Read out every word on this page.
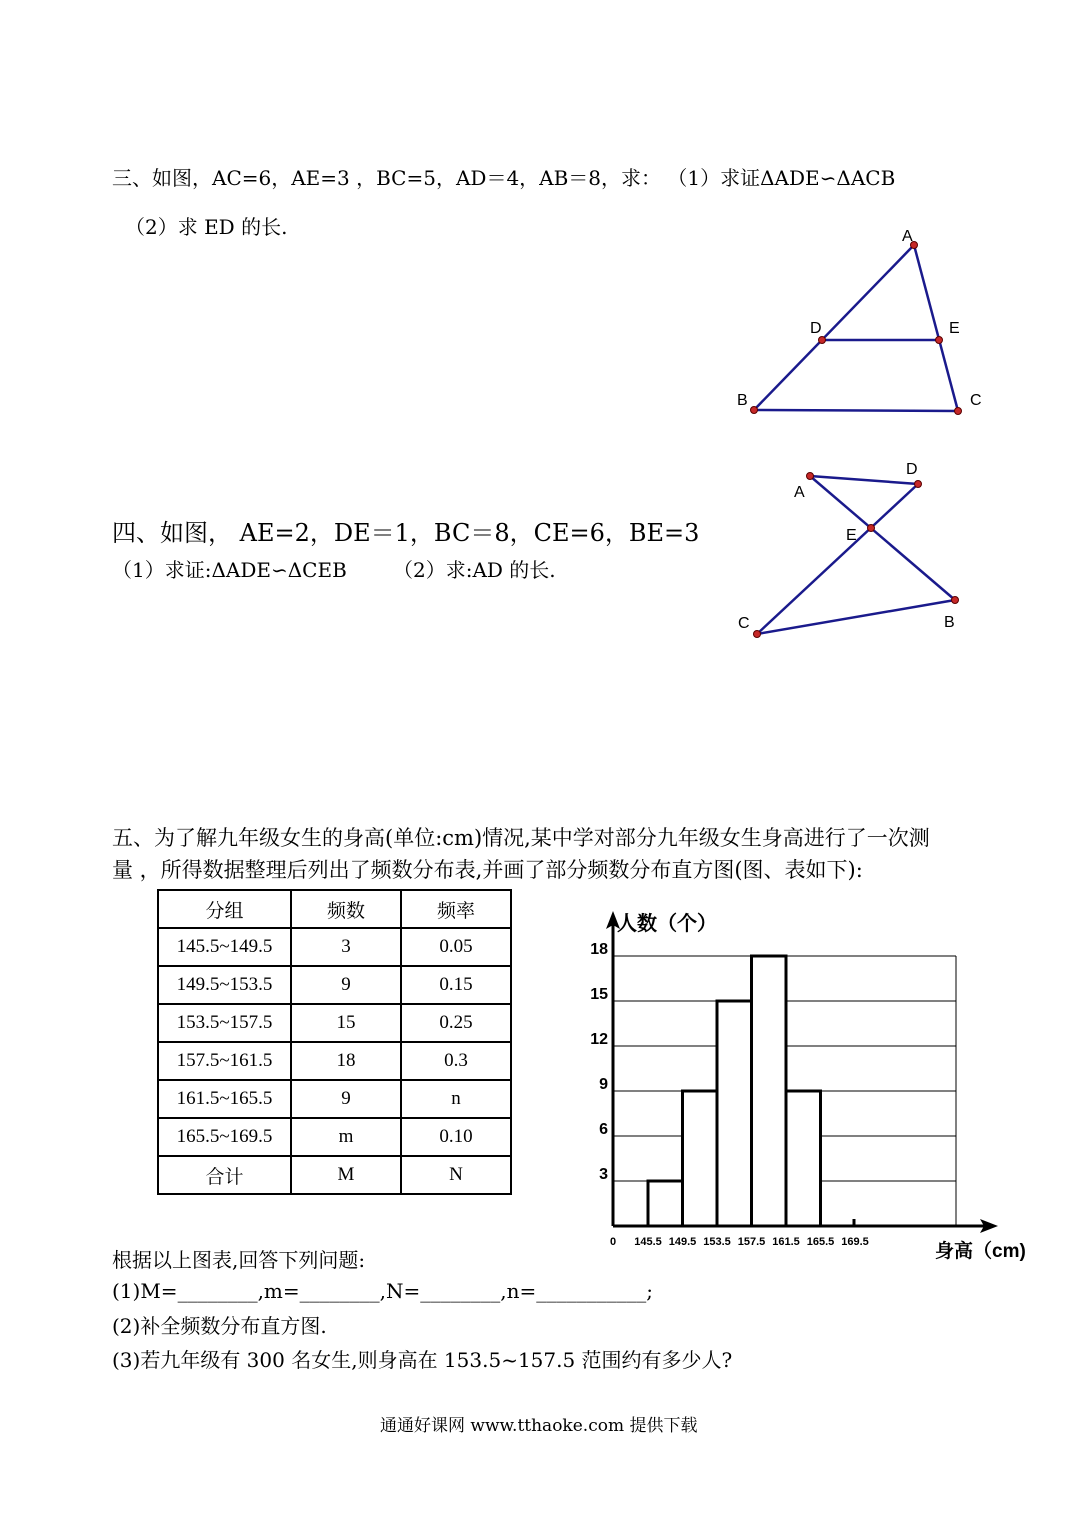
三、如图，AC=6，AE=3 ，BC=5，AD＝4，AB＝8，求： （1）求证ΔADE∽ΔACB
（2）求 ED 的长.	A
D	E
B	C
A
D
E
C	B
四、如图， AE=2，DE＝1，BC＝8，CE=6，BE=3
（1）求证:ΔADE∽ΔCEB （2）求:AD 的长.
五、为了解九年级女生的身高(单位:cm)情况,某中学对部分九年级女生身高进行了一次测
量 ，所得数据整理后列出了频数分布表,并画了部分频数分布直方图(图、表如下):
分组	频数	频率
145.5~149.5	3	0.05
149.5~153.5	9	0.15
153.5~157.5	15	0.25
157.5~161.5	18	0.3
161.5~165.5	9	n
165.5~169.5	m	0.10
合计	M	N	3
6
9
12
15
18
0 145.5 149.5 153.5 157.5 161.5 165.5 169.5
人数（个）
身高（cm)
根据以上图表,回答下列问题:
(1)M=________,m=________,N=________,n=___________;
(2)补全频数分布直方图.
(3)若九年级有 300 名女生,则身高在 153.5~157.5 范围约有多少人?
通通好课网 www.tthaoke.com 提供下载
